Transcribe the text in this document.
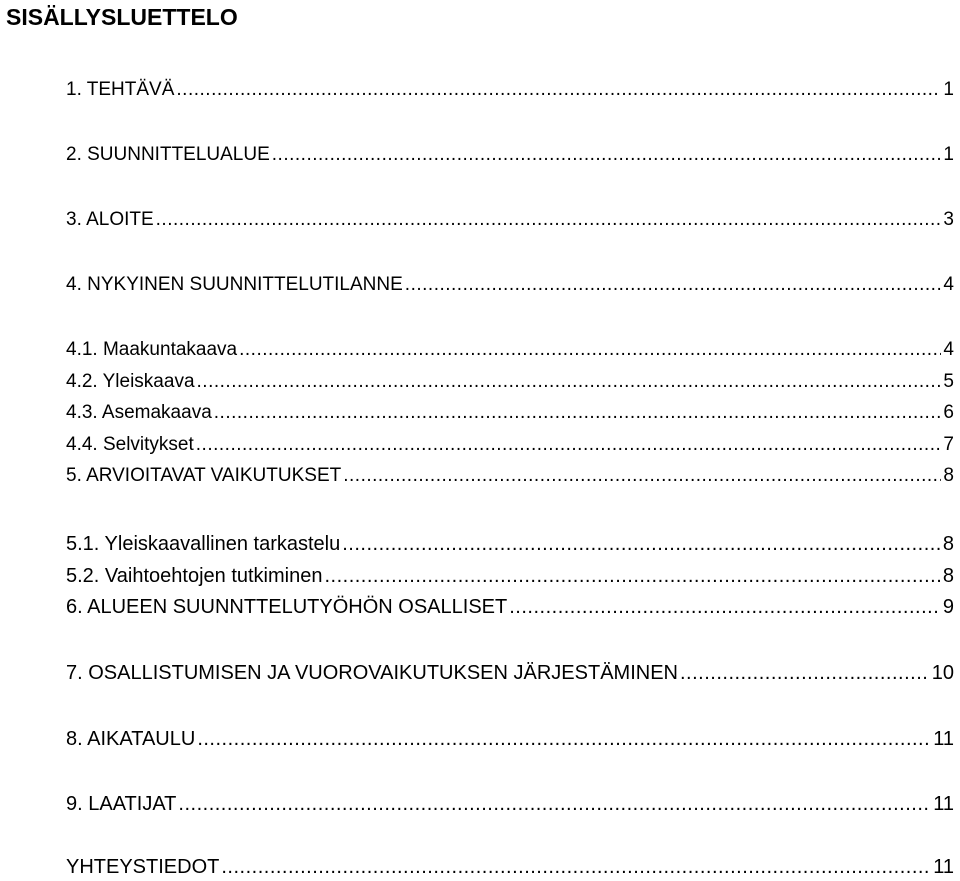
SISÄLLYSLUETTELO
1. TEHTÄVÄ .....	1
2. SUUNNITTELUALUE .....	1
3. ALOITE .....	3
4. NYKYINEN SUUNNITTELUTILANNE .....	4
4.1. Maakuntakaava .....	4
4.2. Yleiskaava .....	5
4.3. Asemakaava .....	6
4.4. Selvitykset .....	7
5. ARVIOITAVAT VAIKUTUKSET .....	8
5.1. Yleiskaavallinen tarkastelu .....	8
5.2. Vaihtoehtojen tutkiminen .....	8
6. ALUEEN SUUNNTTELUTYÖHÖN OSALLISET .....	9
7. OSALLISTUMISEN JA VUOROVAIKUTUKSEN JÄRJESTÄMINEN .....	10
8. AIKATAULU .....	11
9. LAATIJAT .....	11
YHTEYSTIEDOT .....	11
